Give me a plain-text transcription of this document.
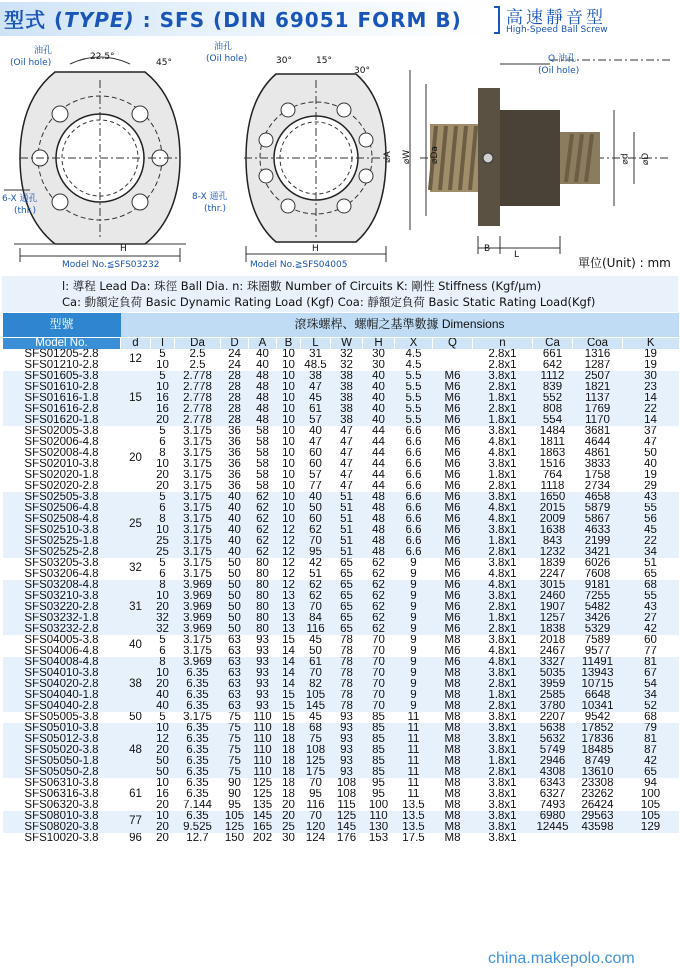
型式 (TYPE) : SFS (DIN 69051 FORM B)	高速靜音型
High-Speed Ball Screw
油孔
(Oil hole)
22.5°
45°
6-X 通孔
(thr.)
H
Model No.≦SFS03232
油孔
(Oil hole)	30°	15°
30°
8-X 通孔
(thr.)
H
Model No.≧SFS04005
Q 油孔
(Oil hole)
⌀A ⌀W ⌀Da	⌀d ⌀D
B
L
單位(Unit) : mm
l: 導程 Lead Da: 珠徑 Ball Dia. n: 珠圈數 Number of Circuits K: 剛性 Stiffness (Kgf/μm)
Ca: 動額定負荷 Basic Dynamic Rating Load (Kgf) Coa: 靜額定負荷 Basic Static Rating Load(Kgf)
型號	滾珠螺桿、螺帽之基準數據 Dimensions														
Model No.	d	l	Da	D	A	B	L	W	H	X	Q	n	Ca	Coa	K
SFS01205-2.8	12	5	2.5	24	40	10	31	32	30	4.5		2.8x1	661	1316	19
SFS01210-2.8		10	2.5	24	40	10	48.5	32	30	4.5		2.8x1	642	1287	19
SFS01605-3.8	15	5	2.778	28	48	10	38	38	40	5.5	M6	3.8x1	1112	2507	30
SFS01610-2.8		10	2.778	28	48	10	47	38	40	5.5	M6	2.8x1	839	1821	23
SFS01616-1.8		16	2.778	28	48	10	45	38	40	5.5	M6	1.8x1	552	1137	14
SFS01616-2.8		16	2.778	28	48	10	61	38	40	5.5	M6	2.8x1	808	1769	22
SFS01620-1.8		20	2.778	28	48	10	57	38	40	5.5	M6	1.8x1	554	1170	14
SFS02005-3.8	20	5	3.175	36	58	10	40	47	44	6.6	M6	3.8x1	1484	3681	37
SFS02006-4.8		6	3.175	36	58	10	47	47	44	6.6	M6	4.8x1	1811	4644	47
SFS02008-4.8		8	3.175	36	58	10	60	47	44	6.6	M6	4.8x1	1863	4861	50
SFS02010-3.8		10	3.175	36	58	10	60	47	44	6.6	M6	3.8x1	1516	3833	40
SFS02020-1.8		20	3.175	36	58	10	57	47	44	6.6	M6	1.8x1	764	1758	19
SFS02020-2.8		20	3.175	36	58	10	77	47	44	6.6	M6	2.8x1	1118	2734	29
SFS02505-3.8	25	5	3.175	40	62	10	40	51	48	6.6	M6	3.8x1	1650	4658	43
SFS02506-4.8		6	3.175	40	62	10	50	51	48	6.6	M6	4.8x1	2015	5879	55
SFS02508-4.8		8	3.175	40	62	10	60	51	48	6.6	M6	4.8x1	2009	5867	56
SFS02510-3.8		10	3.175	40	62	12	62	51	48	6.6	M6	3.8x1	1638	4633	45
SFS02525-1.8		25	3.175	40	62	12	70	51	48	6.6	M6	1.8x1	843	2199	22
SFS02525-2.8		25	3.175	40	62	12	95	51	48	6.6	M6	2.8x1	1232	3421	34
SFS03205-3.8	32	5	3.175	50	80	12	42	65	62	9	M6	3.8x1	1839	6026	51
SFS03206-4.8		6	3.175	50	80	12	51	65	62	9	M6	4.8x1	2247	7608	65
SFS03208-4.8	31	8	3.969	50	80	12	62	65	62	9	M6	4.8x1	3015	9181	68
SFS03210-3.8		10	3.969	50	80	13	62	65	62	9	M6	3.8x1	2460	7255	55
SFS03220-2.8		20	3.969	50	80	13	70	65	62	9	M6	2.8x1	1907	5482	43
SFS03232-1.8		32	3.969	50	80	13	84	65	62	9	M6	1.8x1	1257	3426	27
SFS03232-2.8		32	3.969	50	80	13	116	65	62	9	M6	2.8x1	1838	5329	42
SFS04005-3.8	40	5	3.175	63	93	15	45	78	70	9	M8	3.8x1	2018	7589	60
SFS04006-4.8		6	3.175	63	93	14	50	78	70	9	M6	4.8x1	2467	9577	77
SFS04008-4.8	38	8	3.969	63	93	14	61	78	70	9	M6	4.8x1	3327	11491	81
SFS04010-3.8		10	6.35	63	93	14	70	78	70	9	M8	3.8x1	5035	13943	67
SFS04020-2.8		20	6.35	63	93	14	82	78	70	9	M8	2.8x1	3959	10715	54
SFS04040-1.8		40	6.35	63	93	15	105	78	70	9	M8	1.8x1	2585	6648	34
SFS04040-2.8		40	6.35	63	93	15	145	78	70	9	M8	2.8x1	3780	10341	52
SFS05005-3.8	50	5	3.175	75	110	15	45	93	85	11	M8	3.8x1	2207	9542	68
SFS05010-3.8	48	10	6.35	75	110	18	68	93	85	11	M8	3.8x1	5638	17852	79
SFS05012-3.8		12	6.35	75	110	18	75	93	85	11	M8	3.8x1	5632	17836	81
SFS05020-3.8		20	6.35	75	110	18	108	93	85	11	M8	3.8x1	5749	18485	87
SFS05050-1.8		50	6.35	75	110	18	125	93	85	11	M8	1.8x1	2946	8749	42
SFS05050-2.8		50	6.35	75	110	18	175	93	85	11	M8	2.8x1	4308	13610	65
SFS06310-3.8	61	10	6.35	90	125	18	70	108	95	11	M8	3.8x1	6343	23308	94
SFS06316-3.8		16	6.35	90	125	18	95	108	95	11	M8	3.8x1	6327	23262	100
SFS06320-3.8		20	7.144	95	135	20	116	115	100	13.5	M8	3.8x1	7493	26424	105
SFS08010-3.8	77	10	6.35	105	145	20	70	125	110	13.5	M8	3.8x1	6980	29563	105
SFS08020-3.8		20	9.525	125	165	25	120	145	130	13.5	M8	3.8x1	12445	43598	129
SFS10020-3.8	96	20	12.7	150	202	30	124	176	153	17.5	M8	3.8x1			
china.makepolo.com
